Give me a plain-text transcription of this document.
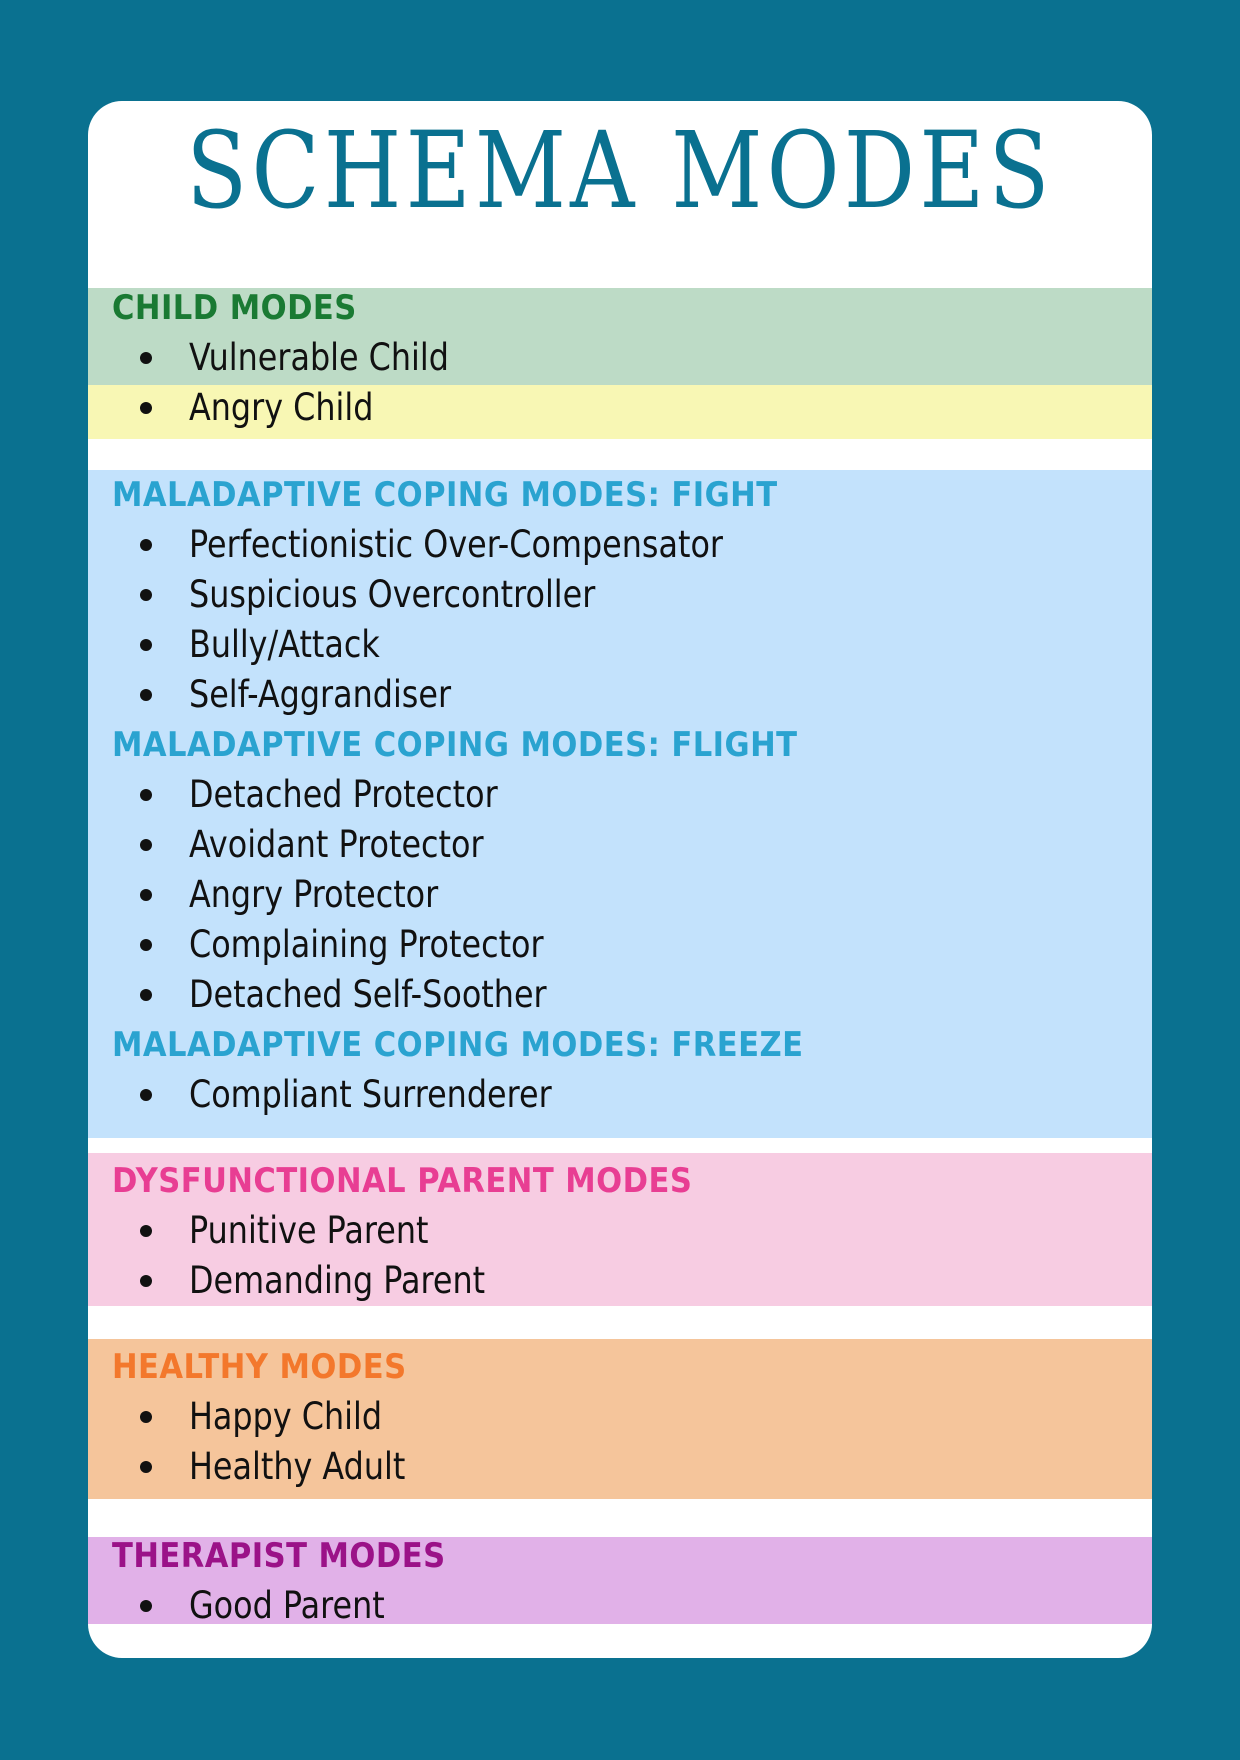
SCHEMA MODES
CHILD MODES
Vulnerable Child
Angry Child
MALADAPTIVE COPING MODES: FIGHT
Perfectionistic Over-Compensator
Suspicious Overcontroller
Bully/Attack
Self-Aggrandiser
MALADAPTIVE COPING MODES: FLIGHT
Detached Protector
Avoidant Protector
Angry Protector
Complaining Protector
Detached Self-Soother
MALADAPTIVE COPING MODES: FREEZE
Compliant Surrenderer
DYSFUNCTIONAL PARENT MODES
Punitive Parent
Demanding Parent
HEALTHY MODES
Happy Child
Healthy Adult
THERAPIST MODES
Good Parent
